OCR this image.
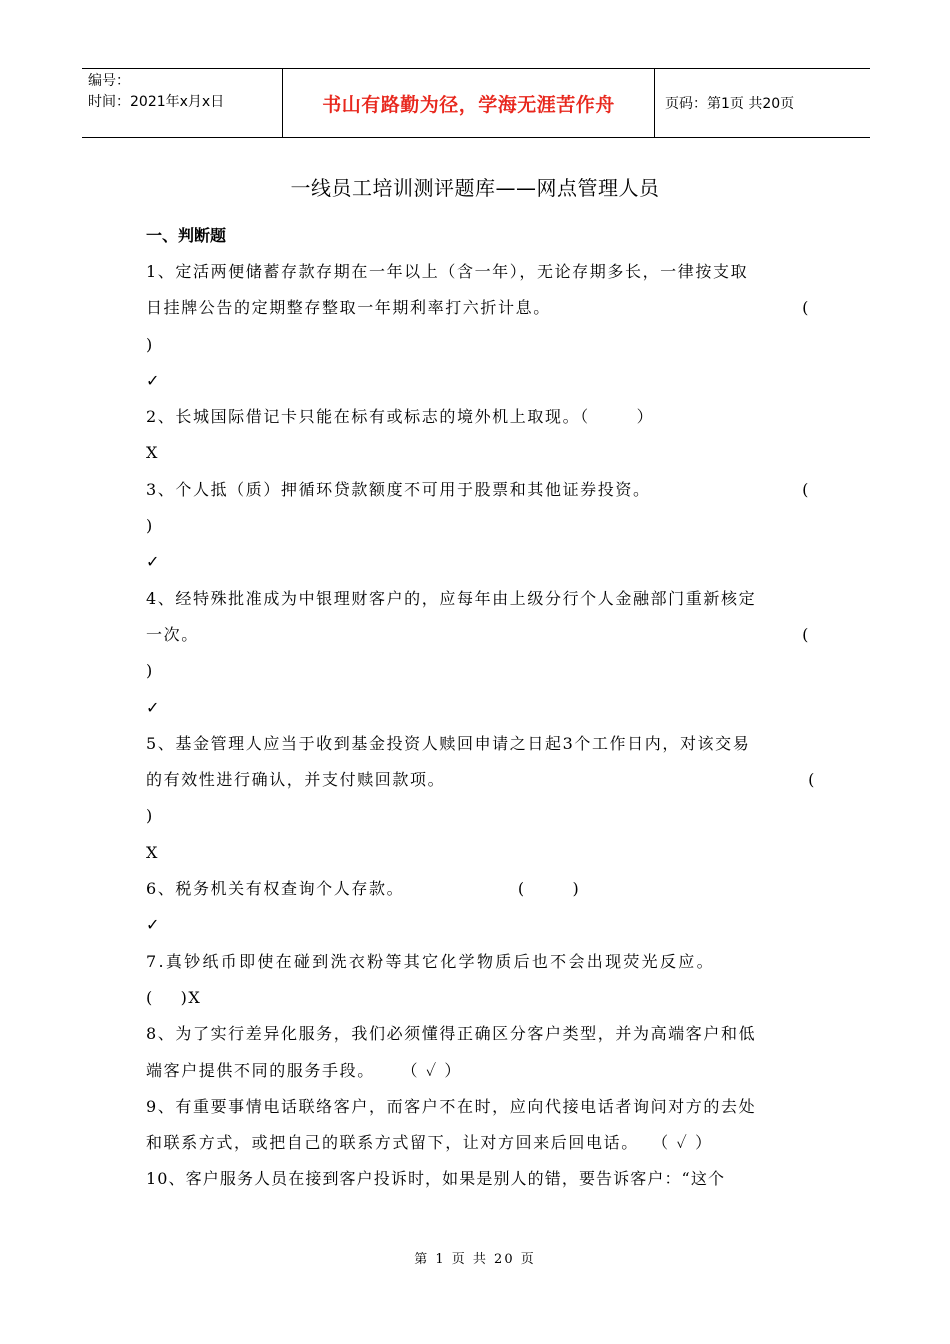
编号：
时间：2021年x月x日	书山有路勤为径，学海无涯苦作舟	页码：第1页 共20页
一线员工培训测评题库——网点管理人员
一、判断题
1、定活两便储蓄存款存期在一年以上（含一年），无论存期多长，一律按支取
日挂牌公告的定期整存整取一年期利率打六折计息。	(
)
✓
2、长城国际借记卡只能在标有或标志的境外机上取现。（       ）
X
3、个人抵（质）押循环贷款额度不可用于股票和其他证券投资。	(
)
✓
4、经特殊批准成为中银理财客户的，应每年由上级分行个人金融部门重新核定
一次。	(
)
✓
5、基金管理人应当于收到基金投资人赎回申请之日起3个工作日内，对该交易
的有效性进行确认，并支付赎回款项。	(
)
X
6、税务机关有权查询个人存款。                 (       )
✓
7.真钞纸币即使在碰到洗衣粉等其它化学物质后也不会出现荧光反应。
(    )X
8、为了实行差异化服务，我们必须懂得正确区分客户类型，并为高端客户和低
端客户提供不同的服务手段。    （ ✓ ）
9、有重要事情电话联络客户，而客户不在时，应向代接电话者询问对方的去处
和联系方式，或把自己的联系方式留下，让对方回来后回电话。  （ ✓ ）
10、客户服务人员在接到客户投诉时，如果是别人的错，要告诉客户：“这个
第 1 页 共 20 页
